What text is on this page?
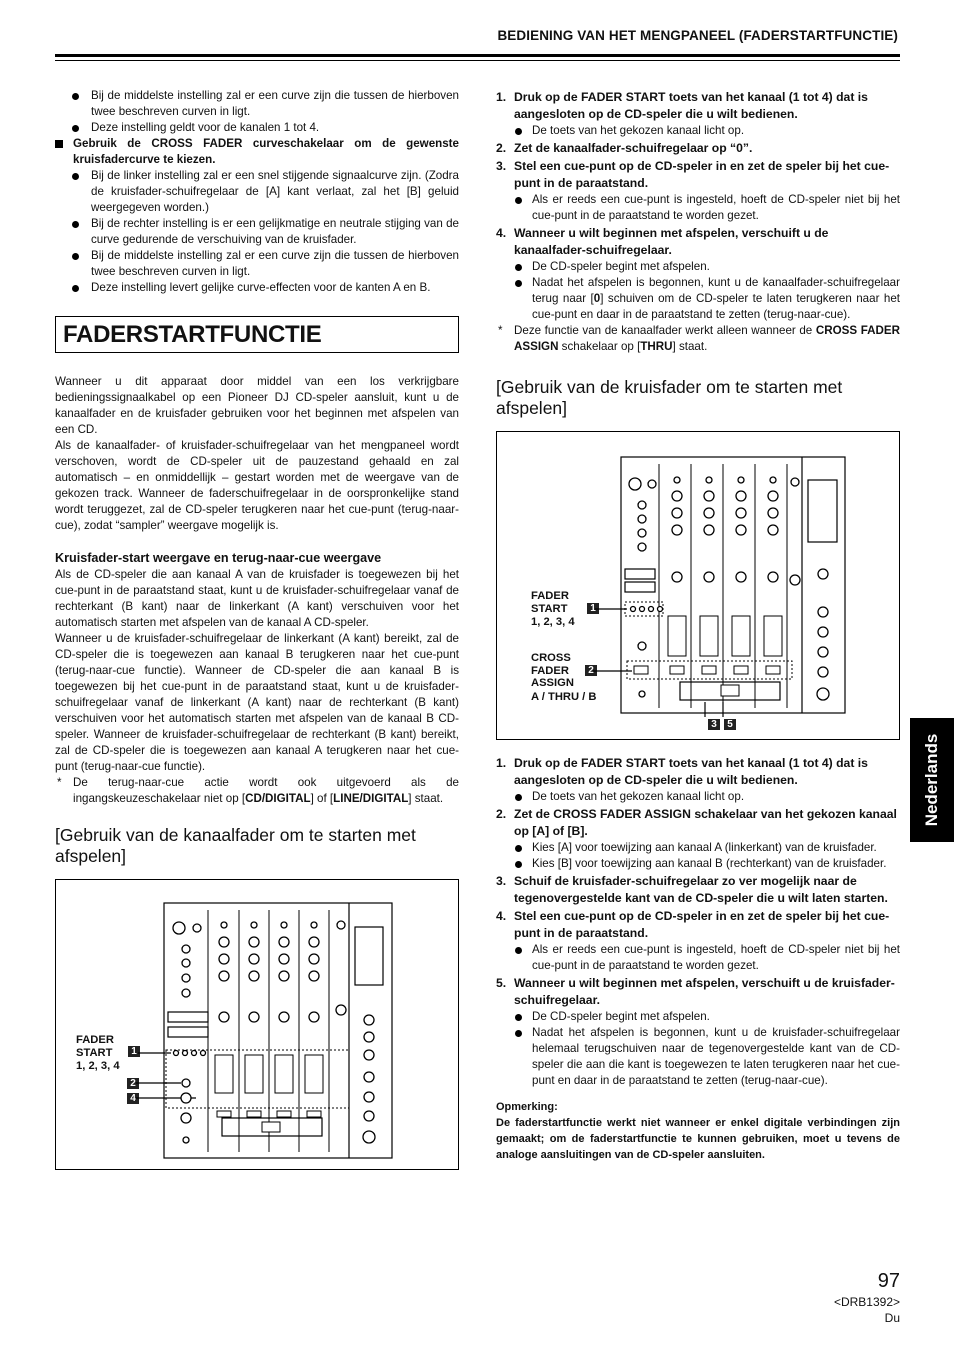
BEDIENING VAN HET MENGPANEEL (FADERSTARTFUNCTIE)
Bij de middelste instelling zal er een curve zijn die tussen de hierboven twee beschreven curven in ligt.
Deze instelling geldt voor de kanalen 1 tot 4.
Gebruik de CROSS FADER curveschakelaar om de gewenste kruisfadercurve te kiezen.
Bij de linker instelling zal er een snel stijgende signaalcurve zijn. (Zodra de kruisfader-schuifregelaar de [A] kant verlaat, zal het [B] geluid weergegeven worden.)
Bij de rechter instelling is er een gelijkmatige en neutrale stijging van de curve gedurende de verschuiving van de kruisfader.
Bij de middelste instelling zal er een curve zijn die tussen de hierboven twee beschreven curven in ligt.
Deze instelling levert gelijke curve-effecten voor de kanten A en B.
FADERSTARTFUNCTIE
Wanneer u dit apparaat door middel van een los verkrijgbare bedieningssignaalkabel op een Pioneer DJ CD-speler aansluit, kunt u de kanaalfader en de kruisfader gebruiken voor het beginnen met afspelen van een CD.
Als de kanaalfader- of kruisfader-schuifregelaar van het mengpaneel wordt verschoven, wordt de CD-speler uit de pauzestand gehaald en zal automatisch – en onmiddellijk – gestart worden met de weergave van de gekozen track. Wanneer de faderschuifregelaar in de oorspronkelijke stand wordt teruggezet, zal de CD-speler terugkeren naar het cue-punt (terug-naar-cue), zodat “sampler” weergave mogelijk is.
Kruisfader-start weergave en terug-naar-cue weergave
Als de CD-speler die aan kanaal A van de kruisfader is toegewezen bij het cue-punt in de paraatstand staat, kunt u de kruisfader-schuifregelaar vanaf de rechterkant (B kant) naar de linkerkant (A kant) verschuiven voor het automatisch starten met afspelen van de kanaal A CD-speler.
Wanneer u de kruisfader-schuifregelaar de linkerkant (A kant) bereikt, zal de CD-speler die is toegewezen aan kanaal B terugkeren naar het cue-punt (terug-naar-cue functie). Wanneer de CD-speler die aan kanaal B is toegewezen bij het cue-punt in de paraatstand staat, kunt u de kruisfader-schuifregelaar vanaf de linkerkant (A kant) naar de rechterkant (B kant) verschuiven voor het automatisch starten met afspelen van de kanaal B CD-speler. Wanneer de kruisfader-schuifregelaar de rechterkant (B kant) bereikt, zal de CD-speler die is toegewezen aan kanaal A terugkeren naar het cue-punt (terug-naar-cue functie).
* De terug-naar-cue actie wordt ook uitgevoerd als de ingangskeuzeschakelaar niet op [CD/DIGITAL] of [LINE/DIGITAL] staat.
[Gebruik van de kanaalfader om te starten met afspelen]
FADER
START
1, 2, 3, 4
1
2
4
1. Druk op de FADER START toets van het kanaal (1 tot 4) dat is aangesloten op de CD-speler die u wilt bedienen.
De toets van het gekozen kanaal licht op.
2. Zet de kanaalfader-schuifregelaar op “0”.
3. Stel een cue-punt op de CD-speler in en zet de speler bij het cue-punt in de paraatstand.
Als er reeds een cue-punt is ingesteld, hoeft de CD-speler niet bij het cue-punt in de paraatstand te worden gezet.
4. Wanneer u wilt beginnen met afspelen, verschuift u de kanaalfader-schuifregelaar.
De CD-speler begint met afspelen.
Nadat het afspelen is begonnen, kunt u de kanaalfader-schuifregelaar terug naar [0] schuiven om de CD-speler te laten terugkeren naar het cue-punt en daar in de paraatstand te zetten (terug-naar-cue).
* Deze functie van de kanaalfader werkt alleen wanneer de CROSS FADER ASSIGN schakelaar op [THRU] staat.
[Gebruik van de kruisfader om te starten met afspelen]
FADER
START
1, 2, 3, 4
1
CROSS
FADER
ASSIGN
A / THRU / B
2
3	5
1. Druk op de FADER START toets van het kanaal (1 tot 4) dat is aangesloten op de CD-speler die u wilt bedienen.
De toets van het gekozen kanaal licht op.
2. Zet de CROSS FADER ASSIGN schakelaar van het gekozen kanaal op [A] of [B].
Kies [A] voor toewijzing aan kanaal A (linkerkant) van de kruisfader.
Kies [B] voor toewijzing aan kanaal B (rechterkant) van de kruisfader.
3. Schuif de kruisfader-schuifregelaar zo ver mogelijk naar de tegenovergestelde kant van de CD-speler die u wilt laten starten.
4. Stel een cue-punt op de CD-speler in en zet de speler bij het cue-punt in de paraatstand.
Als er reeds een cue-punt is ingesteld, hoeft de CD-speler niet bij het cue-punt in de paraatstand te worden gezet.
5. Wanneer u wilt beginnen met afspelen, verschuift u de kruisfader-schuifregelaar.
De CD-speler begint met afspelen.
Nadat het afspelen is begonnen, kunt u de kruisfader-schuifregelaar helemaal terugschuiven naar de tegenovergestelde kant van de CD-speler die aan die kant is toegewezen te laten terugkeren naar het cue-punt en daar in de paraatstand te zetten (terug-naar-cue).
Opmerking:
De faderstartfunctie werkt niet wanneer er enkel digitale verbindingen zijn gemaakt; om de faderstartfunctie te kunnen gebruiken, moet u tevens de analoge aansluitingen van de CD-speler aansluiten.
Nederlands
97
<DRB1392>
Du
